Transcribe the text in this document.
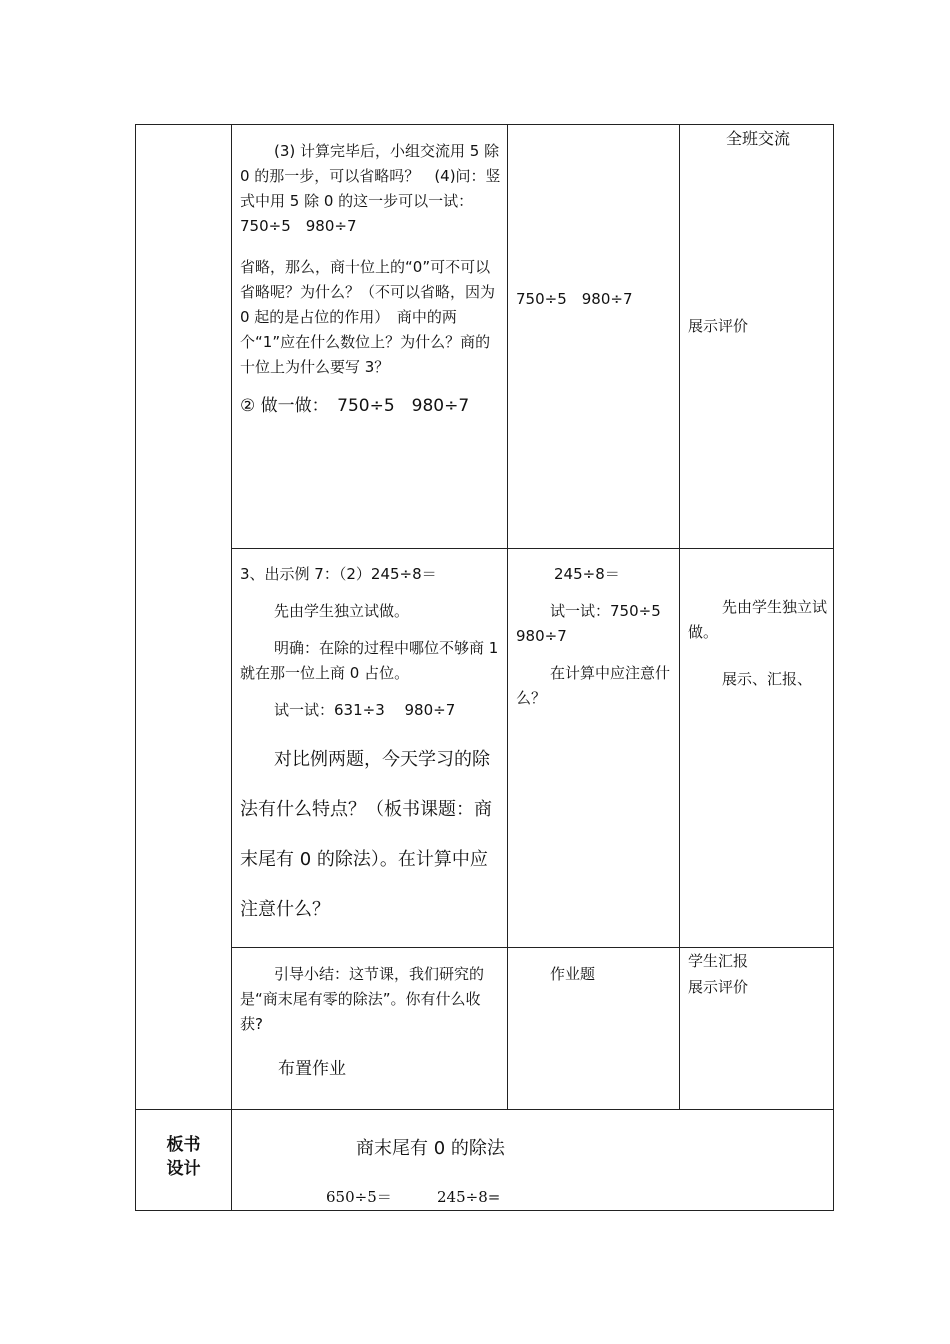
(3) 计算完毕后，小组交流用 5 除 0 的那一步，可以省略吗？　(4)问：竖式中用 5 除 0 的这一步可以一试：750÷5　980÷7

省略，那么，商十位上的“0”可不可以省略呢？为什么？（不可以省略，因为 0 起的是占位的作用）　商中的两个“1”应在什么数位上？为什么？商的十位上为什么要写 3？

② 做一做：　750÷5　980÷7

750÷5　980÷7

全班交流

展示评价

3、出示例 7：（2）245÷8＝

先由学生独立试做。

明确：在除的过程中哪位不够商 1 就在那一位上商 0 占位。

试一试：631÷3　 980÷7

对比例两题，今天学习的除法有什么特点？（板书课题：商末尾有 0 的除法）。在计算中应注意什么？

245÷8＝

试一试：750÷5 980÷7

在计算中应注意什么？

先由学生独立试做。

展示、汇报、

引导小结：这节课，我们研究的是“商末尾有零的除法”。你有什么收获?

布置作业

作业题

学生汇报

展示评价

板书

设计

商末尾有 0 的除法
650÷5＝	245÷8=
